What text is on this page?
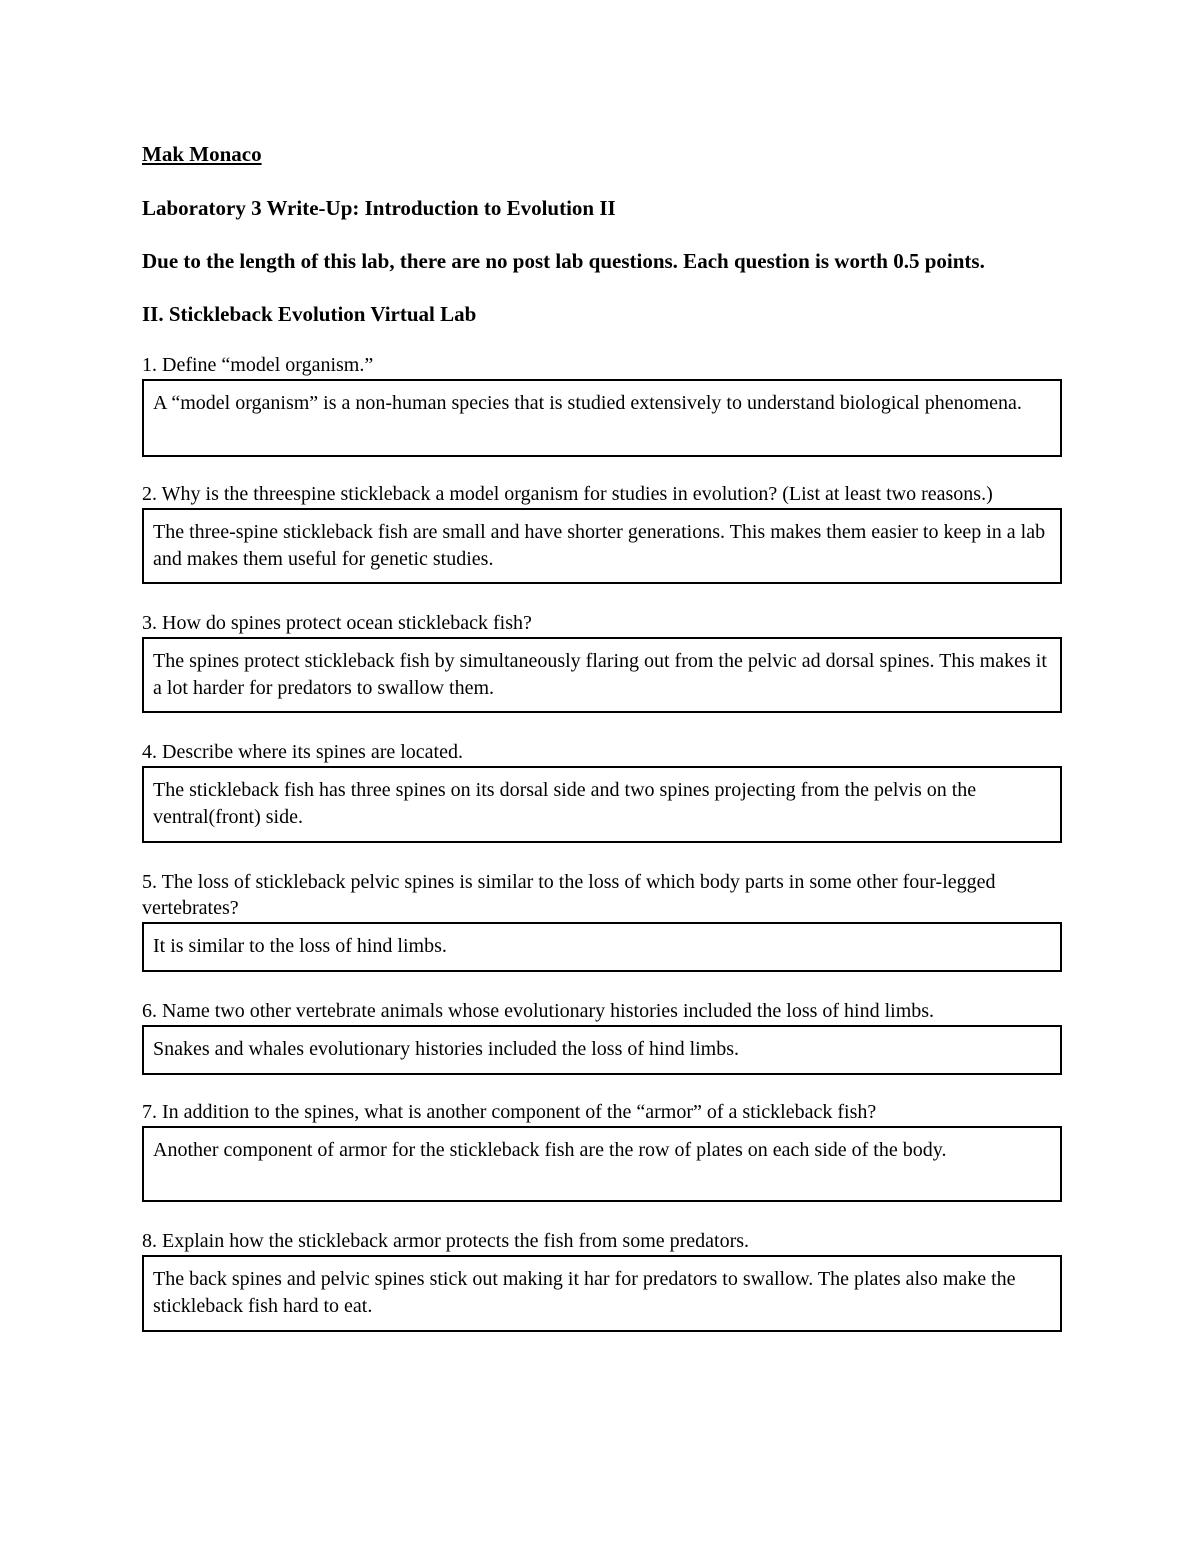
Mak Monaco
Laboratory 3 Write-Up: Introduction to Evolution II
Due to the length of this lab, there are no post lab questions. Each question is worth 0.5 points.
II. Stickleback Evolution Virtual Lab
1. Define “model organism.”
A “model organism” is a non-human species that is studied extensively to understand biological phenomena.
2. Why is the threespine stickleback a model organism for studies in evolution? (List at least two reasons.)
The three-spine stickleback fish are small and have shorter generations. This makes them easier to keep in a lab and makes them useful for genetic studies.
3. How do spines protect ocean stickleback fish?
The spines protect stickleback fish by simultaneously flaring out from the pelvic ad dorsal spines. This makes it a lot harder for predators to swallow them.
4. Describe where its spines are located.
The stickleback fish has three spines on its dorsal side and two spines projecting from the pelvis on the ventral(front) side.
5. The loss of stickleback pelvic spines is similar to the loss of which body parts in some other four-legged vertebrates?
It is similar to the loss of hind limbs.
6. Name two other vertebrate animals whose evolutionary histories included the loss of hind limbs.
Snakes and whales evolutionary histories included the loss of hind limbs.
7. In addition to the spines, what is another component of the “armor” of a stickleback fish?
Another component of armor for the stickleback fish are the row of plates on each side of the body.
8. Explain how the stickleback armor protects the fish from some predators.
The back spines and pelvic spines stick out making it har for predators to swallow. The plates also make the stickleback fish hard to eat.
